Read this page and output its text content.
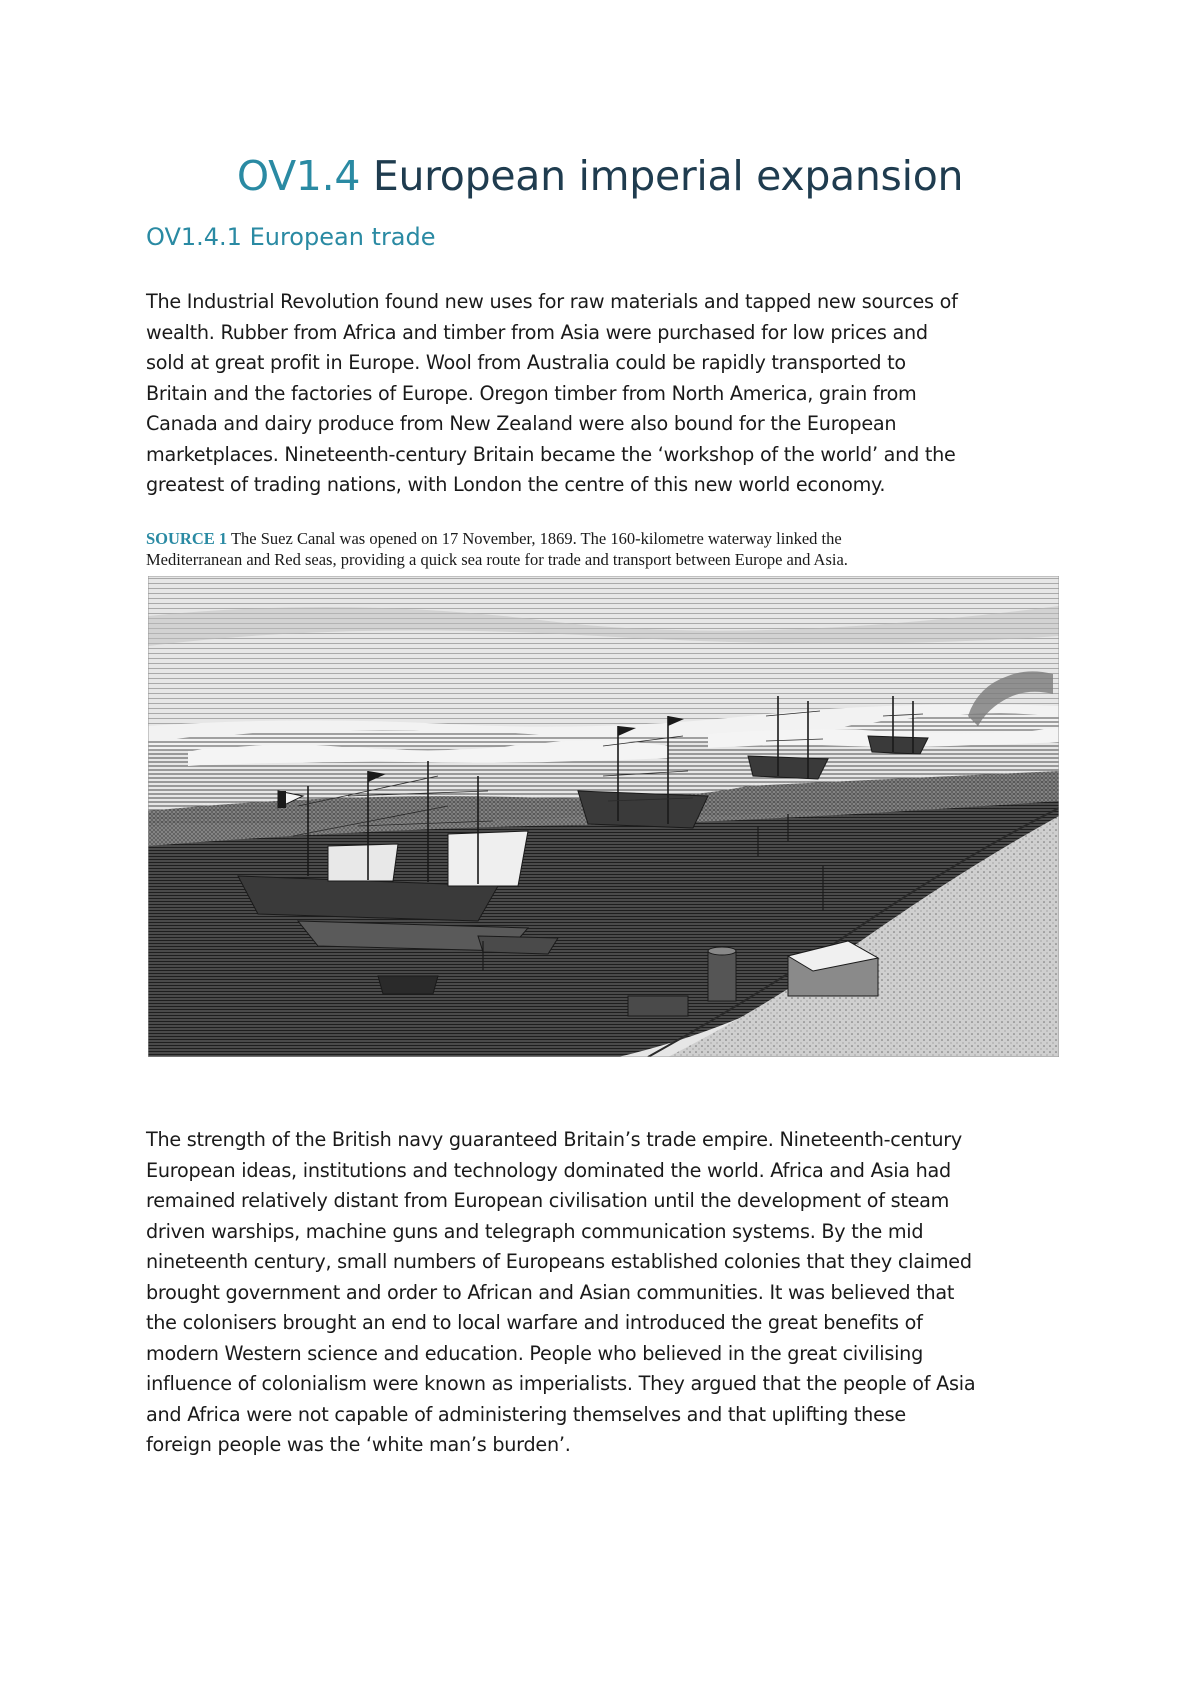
OV1.4 European imperial expansion
OV1.4.1 European trade

The Industrial Revolution found new uses for raw materials and tapped new sources of
wealth. Rubber from Africa and timber from Asia were purchased for low prices and
sold at great profit in Europe. Wool from Australia could be rapidly transported to
Britain and the factories of Europe. Oregon timber from North America, grain from
Canada and dairy produce from New Zealand were also bound for the European
marketplaces. Nineteenth-century Britain became the ‘workshop of the world’ and the
greatest of trading nations, with London the centre of this new world economy.

SOURCE 1 The Suez Canal was opened on 17 November, 1869. The 160-kilometre waterway linked the
Mediterranean and Red seas, providing a quick sea route for trade and transport between Europe and Asia.

The strength of the British navy guaranteed Britain’s trade empire. Nineteenth-century
European ideas, institutions and technology dominated the world. Africa and Asia had
remained relatively distant from European civilisation until the development of steam
driven warships, machine guns and telegraph communication systems. By the mid
nineteenth century, small numbers of Europeans established colonies that they claimed
brought government and order to African and Asian communities. It was believed that
the colonisers brought an end to local warfare and introduced the great benefits of
modern Western science and education. People who believed in the great civilising
influence of colonialism were known as imperialists. They argued that the people of Asia
and Africa were not capable of administering themselves and that uplifting these
foreign people was the ‘white man’s burden’.
